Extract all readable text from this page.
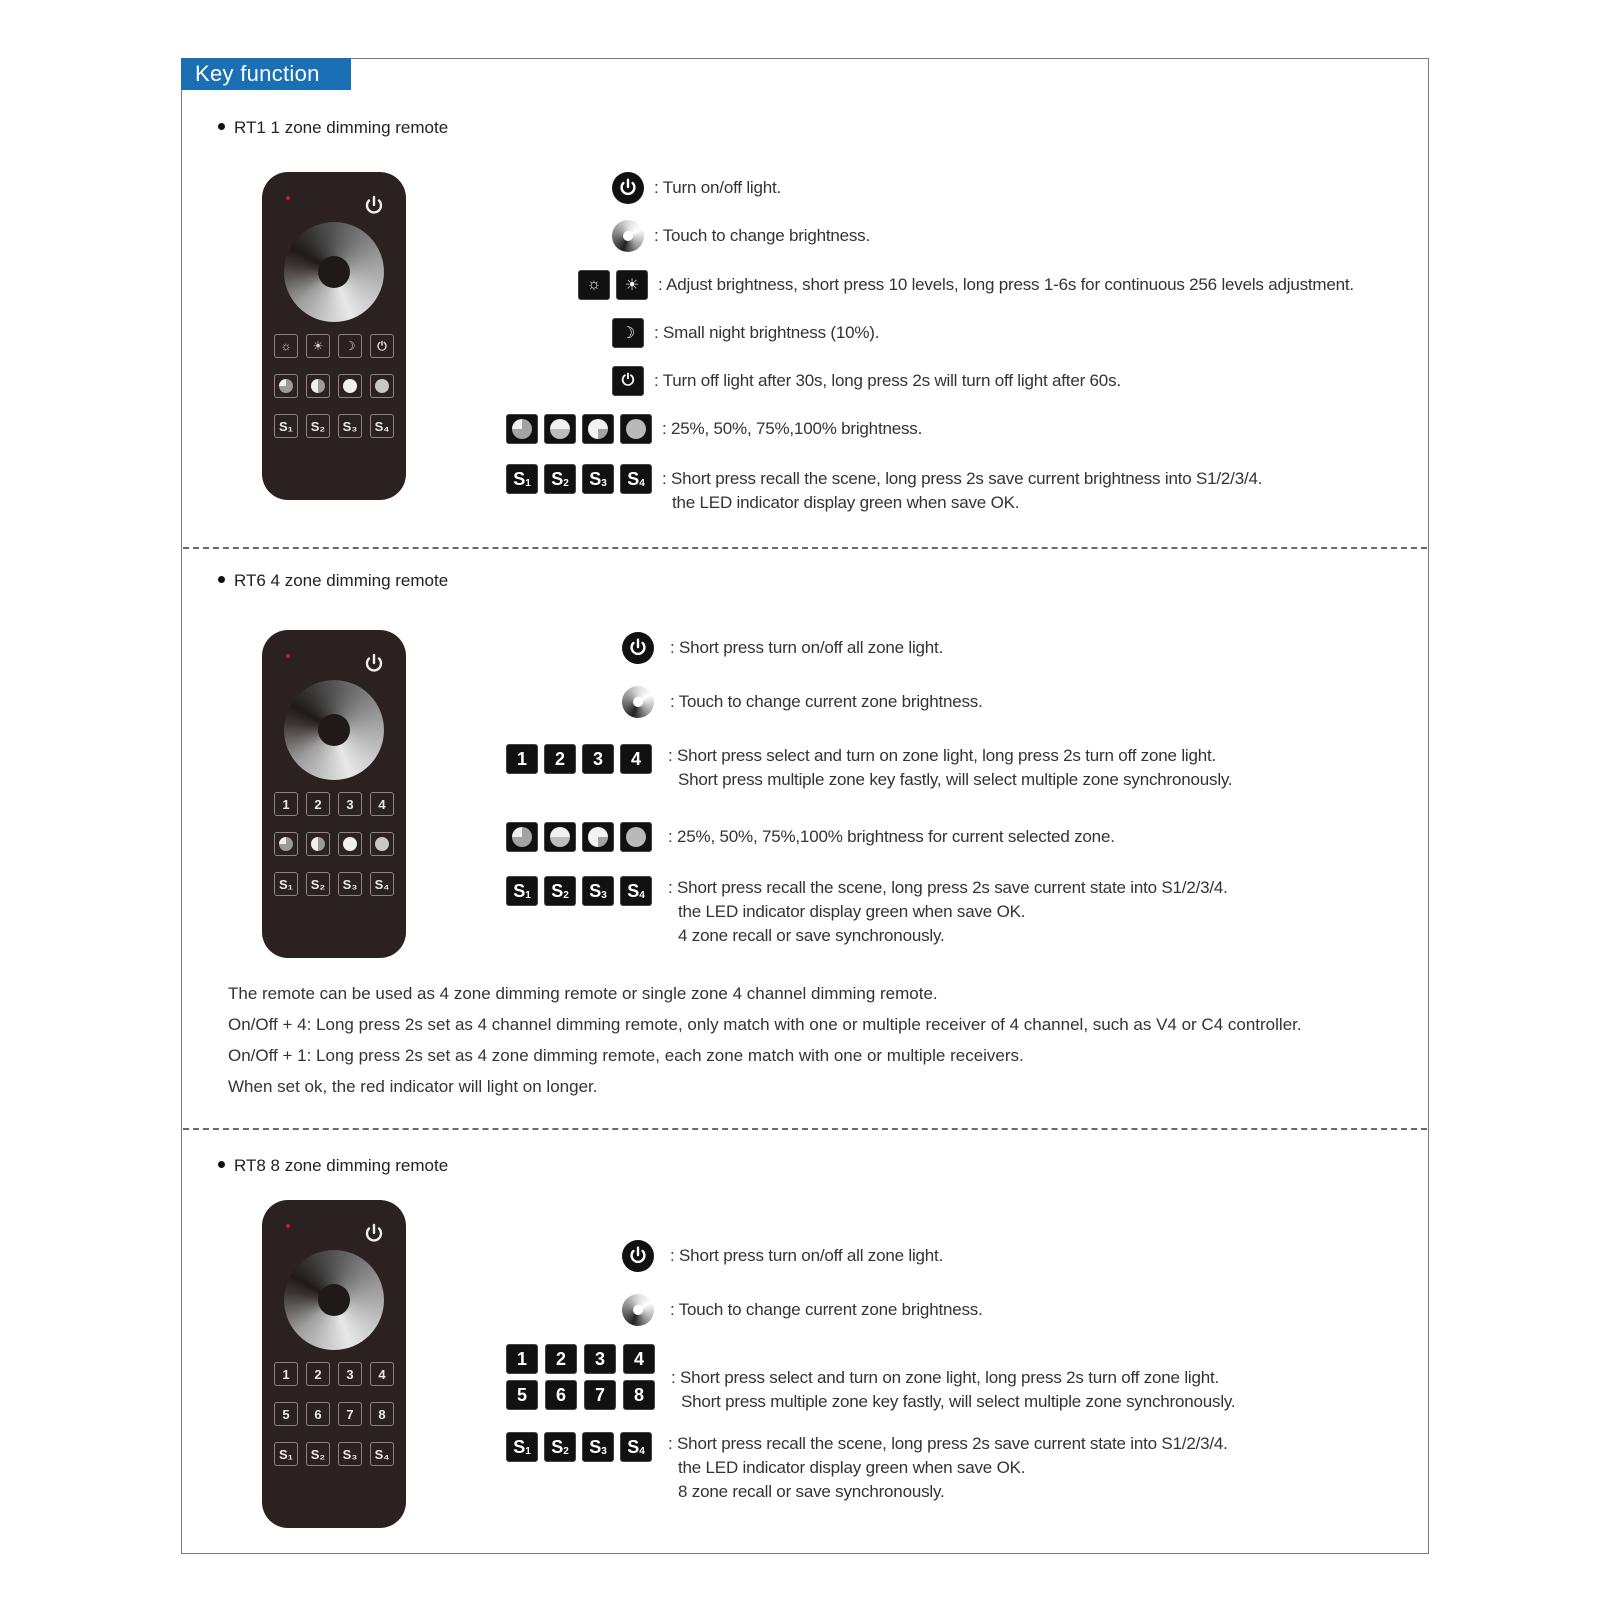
Key function
RT1 1 zone dimming remote
☼ ☀ ☽ ⏻
S₁	S₂	S₃	S₄
: Turn on/off light.
: Touch to change brightness.
☼ ☀ : Adjust brightness, short press 10 levels, long press 1-6s for continuous 256 levels adjustment.
☽ : Small night brightness (10%).
⏻ : Turn off light after 30s, long press 2s will turn off light after 60s.
: 25%, 50%, 75%,100% brightness.
S 1 S 2 S 3 S 4 : Short press recall the scene, long press 2s save current brightness into S1/2/3/4.
the LED indicator display green when save OK.
RT6 4 zone dimming remote
1	2	3	4
S₁	S₂	S₃	S₄
: Short press turn on/off all zone light.
: Touch to change current zone brightness.
1	2	3	4	: Short press select and turn on zone light, long press 2s turn off zone light.
Short press multiple zone key fastly, will select multiple zone synchronously.
: 25%, 50%, 75%,100% brightness for current selected zone.
S 1 S 2 S 3 S 4 : Short press recall the scene, long press 2s save current state into S1/2/3/4.
the LED indicator display green when save OK.
4 zone recall or save synchronously.
The remote can be used as 4 zone dimming remote or single zone 4 channel dimming remote.
On/Off + 4: Long press 2s set as 4 channel dimming remote, only match with one or multiple receiver of 4 channel, such as V4 or C4 controller.
On/Off + 1: Long press 2s set as 4 zone dimming remote, each zone match with one or multiple receivers.
When set ok, the red indicator will light on longer.
RT8 8 zone dimming remote
1	2	3	4
5	6	7	8
S₁	S₂	S₃	S₄
: Short press turn on/off all zone light.
: Touch to change current zone brightness.
1	2	3	4
5	6	7	8
: Short press select and turn on zone light, long press 2s turn off zone light.
Short press multiple zone key fastly, will select multiple zone synchronously.
S 1 S 2 S 3 S 4 : Short press recall the scene, long press 2s save current state into S1/2/3/4.
the LED indicator display green when save OK.
8 zone recall or save synchronously.
